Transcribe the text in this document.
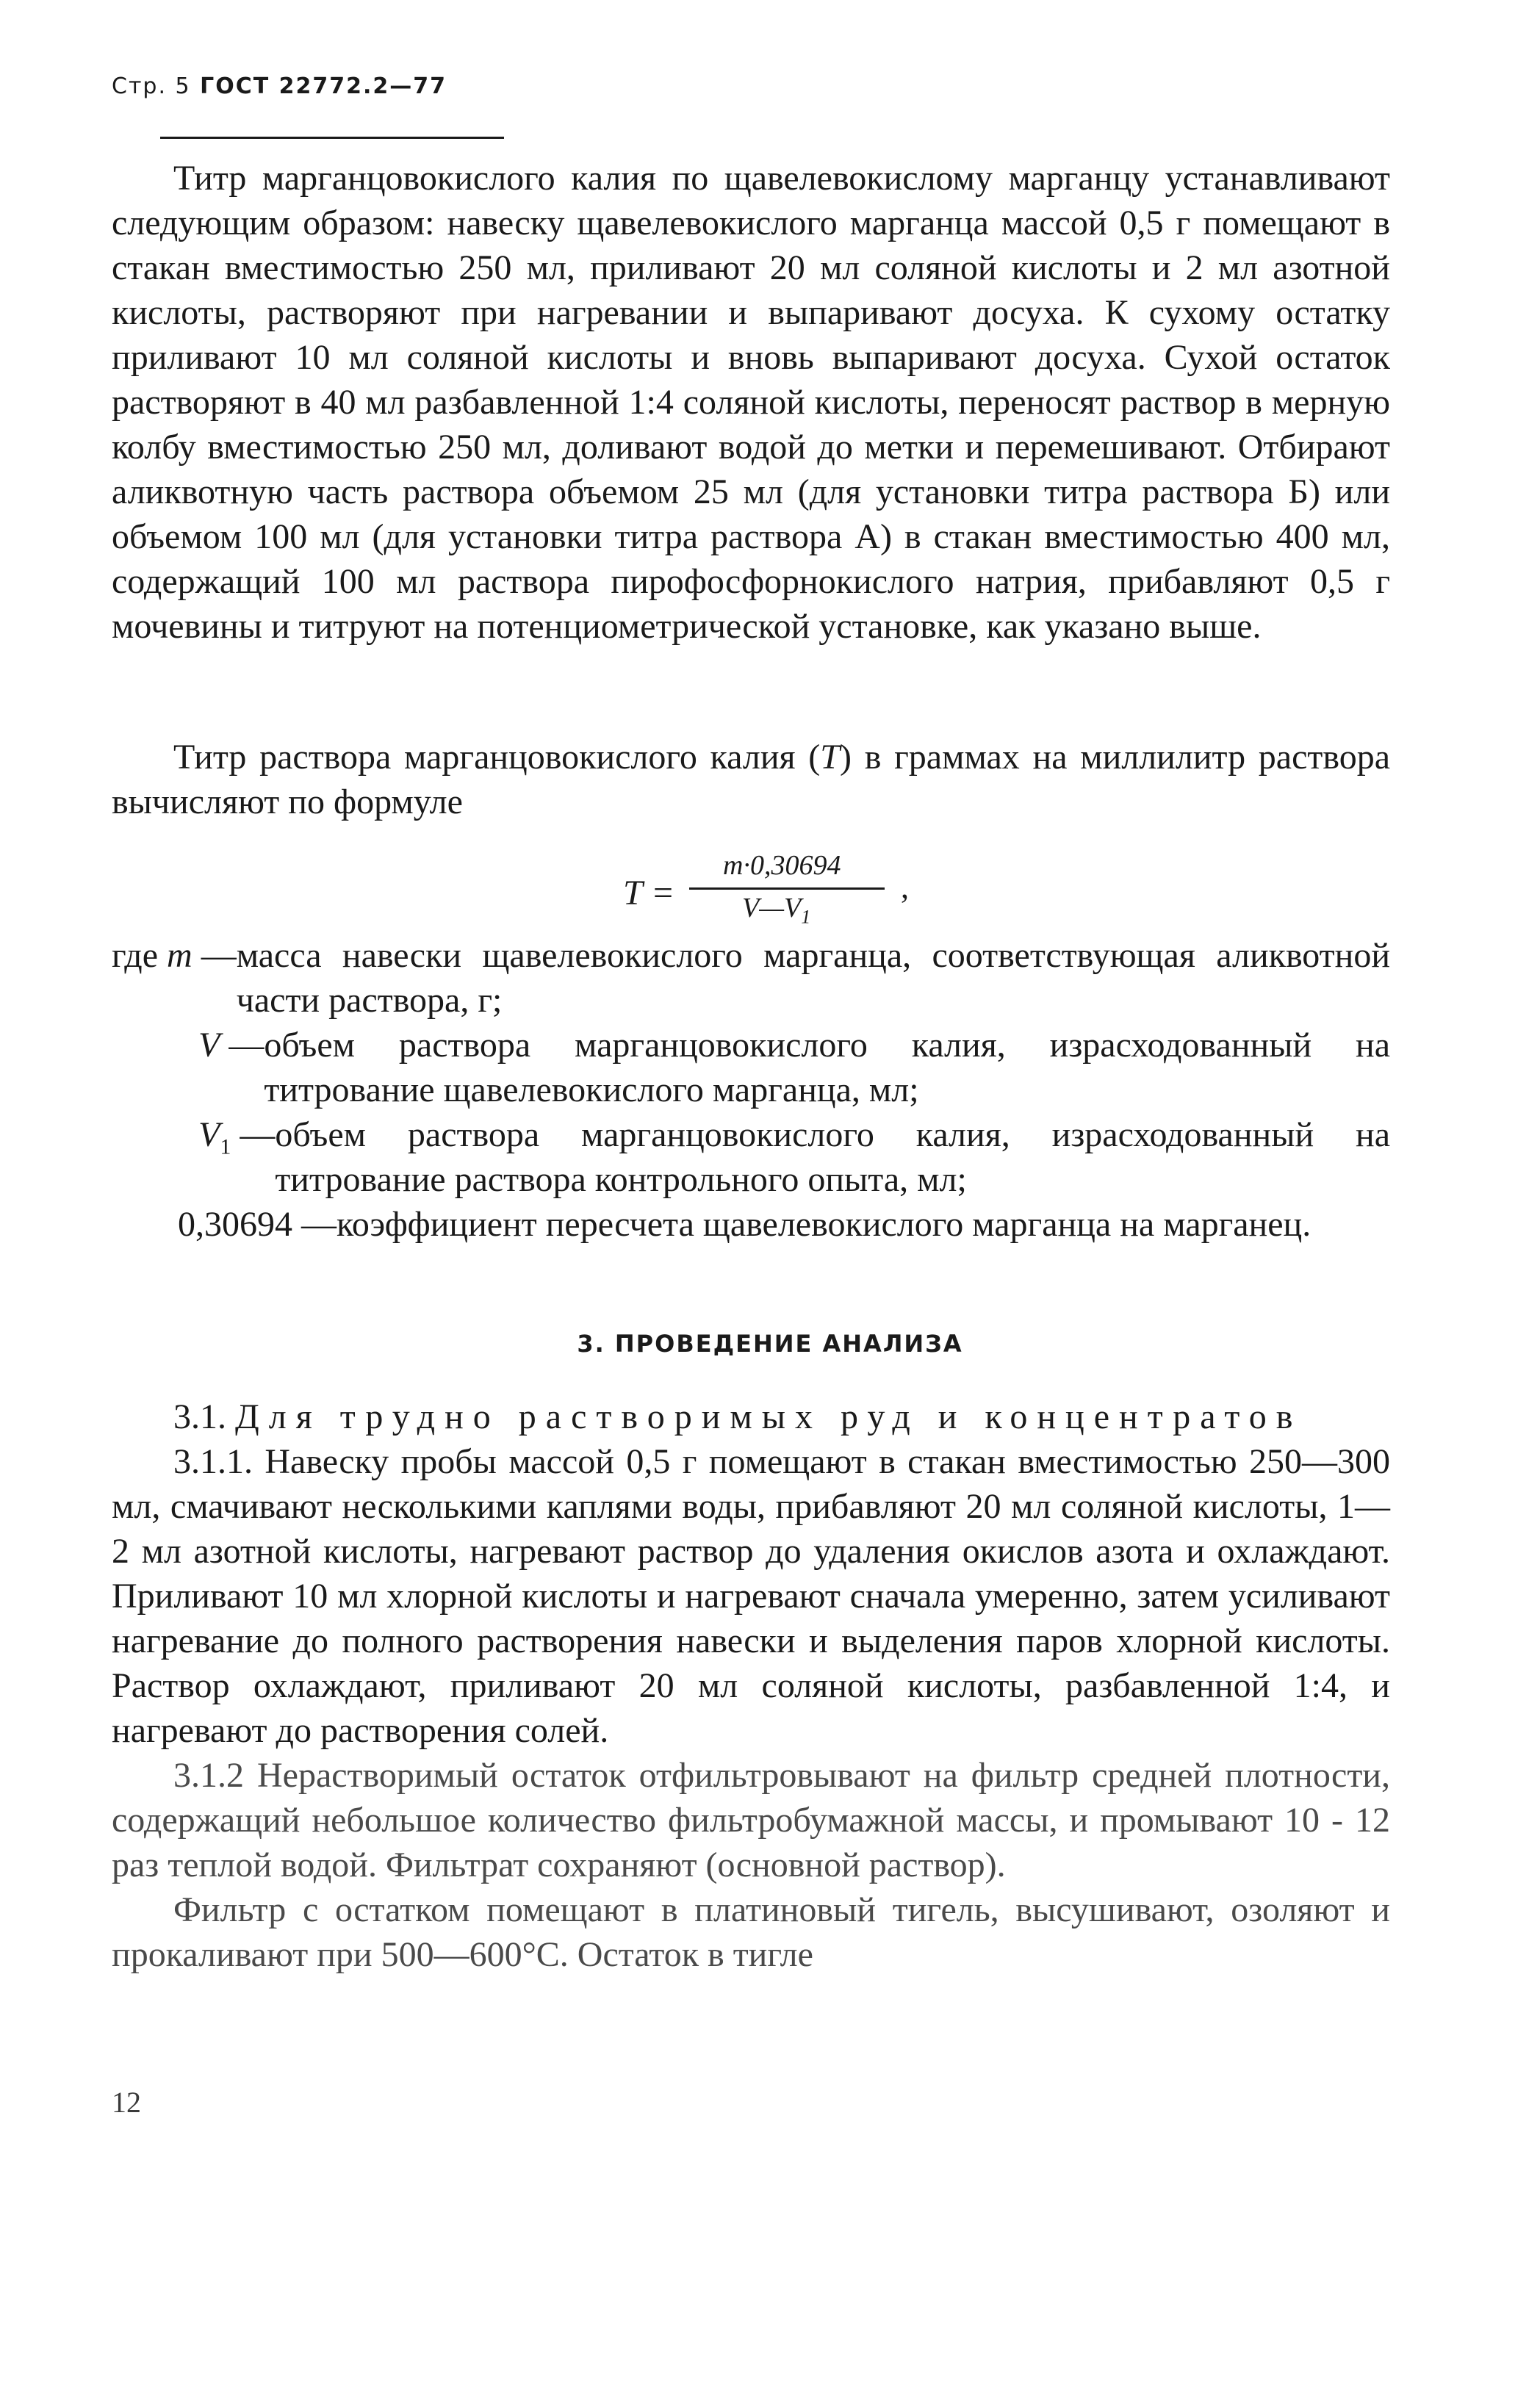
Стр. 5 ГОСТ 22772.2—77

Титр марганцовокислого калия по щавелевокислому марганцу устанавливают следующим образом: навеску щавелевокислого марганца массой 0,5 г помещают в стакан вместимостью 250 мл, приливают 20 мл соляной кислоты и 2 мл азотной кислоты, растворяют при нагревании и выпаривают досуха. К сухому остатку приливают 10 мл соляной кислоты и вновь выпаривают досуха. Сухой остаток растворяют в 40 мл разбавленной 1:4 соляной кислоты, переносят раствор в мерную колбу вместимостью 250 мл, доливают водой до метки и перемешивают. Отбирают аликвотную часть раствора объемом 25 мл (для установки титра раствора Б) или объемом 100 мл (для установки титра раствора А) в стакан вместимостью 400 мл, содержащий 100 мл раствора пирофосфорнокислого натрия, прибавляют 0,5 г мочевины и титруют на потенциометрической установке, как указано выше.

Титр раствора марганцовокислого калия (T) в граммах на миллилитр раствора вычисляют по формуле

T =
m·0,30694
$V—V_1$
,
где m — масса навески щавелевокислого марганца, соответствующая аликвотной части раствора, г;
V — объем раствора марганцовокислого калия, израсходованный на титрование щавелевокислого марганца, мл;
$V_1$ — объем раствора марганцовокислого калия, израсходованный на титрование раствора контрольного опыта, мл;
0,30694 — коэффициент пересчета щавелевокислого марганца на марганец.
3. ПРОВЕДЕНИЕ АНАЛИЗА

3.1. Для трудно растворимых руд и концентратов

3.1.1. Навеску пробы массой 0,5 г помещают в стакан вместимостью 250—300 мл, смачивают несколькими каплями воды, прибавляют 20 мл соляной кислоты, 1—2 мл азотной кислоты, нагревают раствор до удаления окислов азота и охлаждают. Приливают 10 мл хлорной кислоты и нагревают сначала умеренно, затем усиливают нагревание до полного растворения навески и выделения паров хлорной кислоты. Раствор охлаждают, приливают 20 мл соляной кислоты, разбавленной 1:4, и нагревают до растворения солей.

3.1.2 Нерастворимый остаток отфильтровывают на фильтр средней плотности, содержащий небольшое количество фильтробумажной массы, и промывают 10 - 12 раз теплой водой. Фильтрат сохраняют (основной раствор).

Фильтр с остатком помещают в платиновый тигель, высушивают, озоляют и прокаливают при 500—600°С. Остаток в тигле

12
